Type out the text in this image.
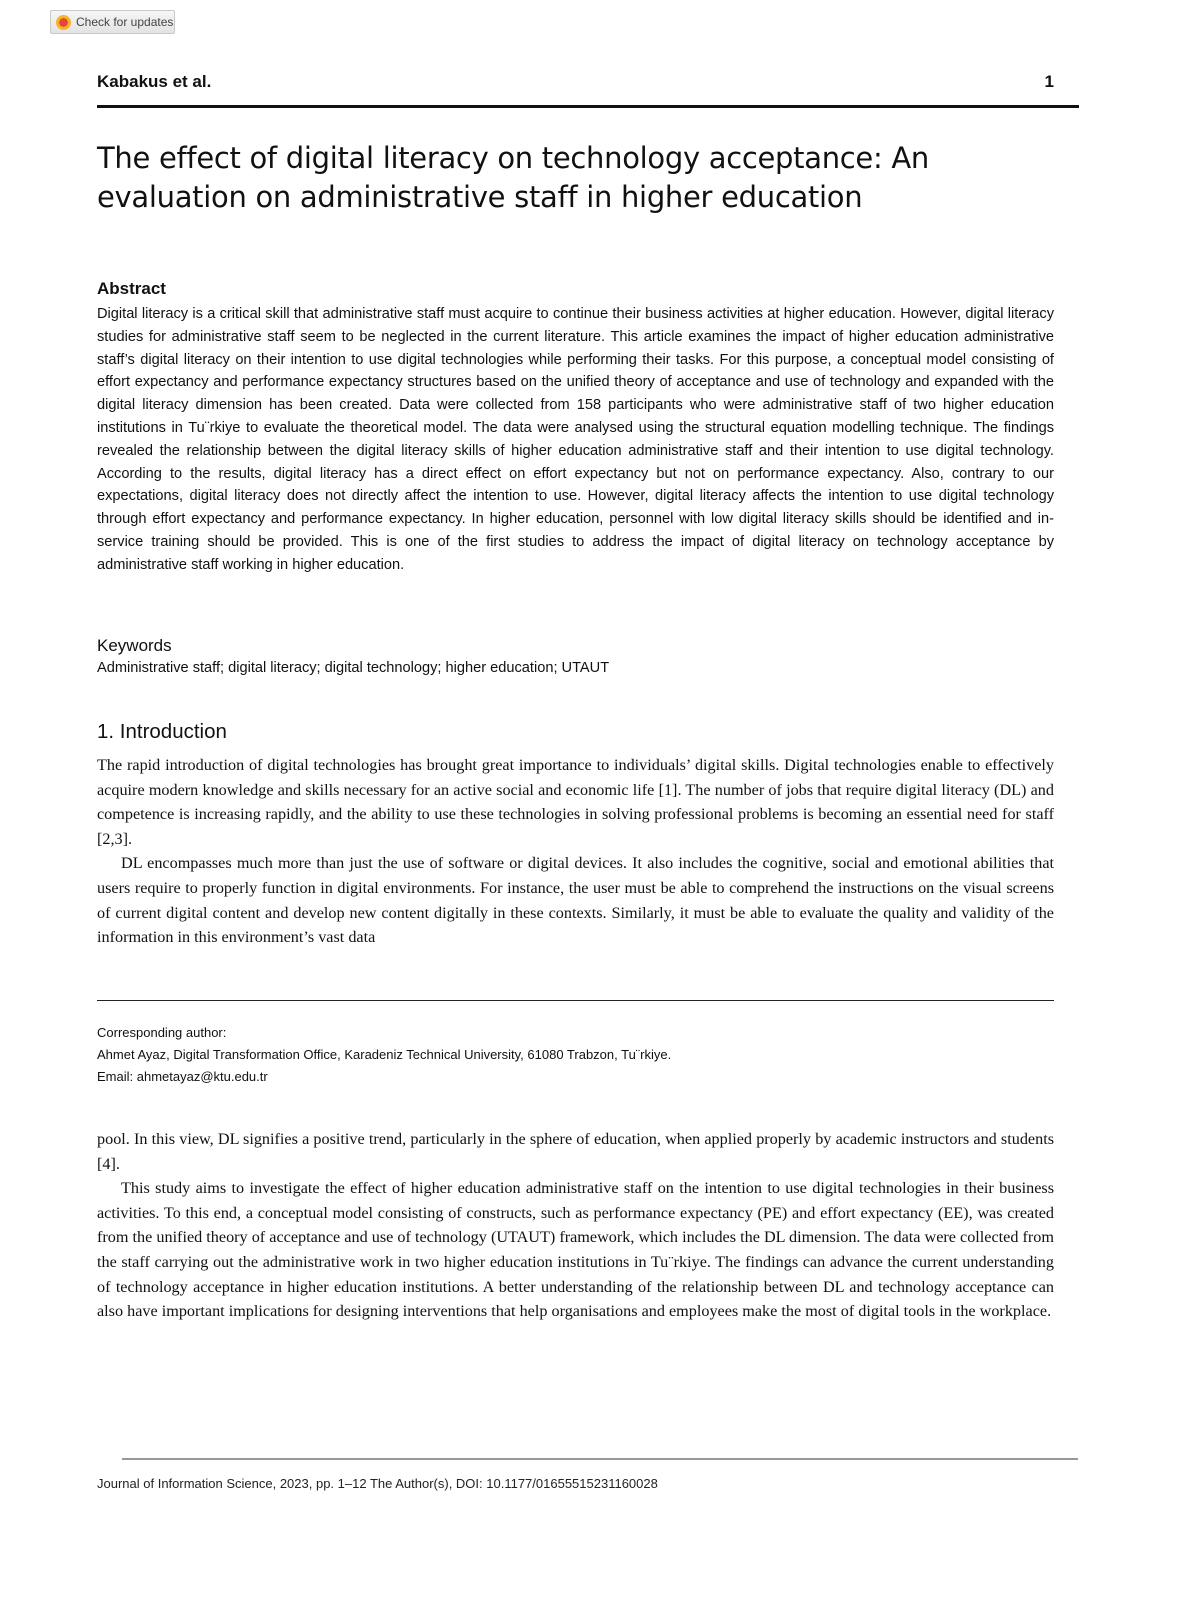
Check for updates
Kabakus et al.	1
The effect of digital literacy on technology acceptance: An evaluation on administrative staff in higher education
Abstract
Digital literacy is a critical skill that administrative staff must acquire to continue their business activities at higher education. However, digital literacy studies for administrative staff seem to be neglected in the current literature. This article examines the impact of higher education administrative staff’s digital literacy on their intention to use digital technologies while performing their tasks. For this purpose, a conceptual model consisting of effort expectancy and performance expectancy structures based on the unified theory of acceptance and use of technology and expanded with the digital literacy dimension has been created. Data were collected from 158 participants who were administrative staff of two higher education institutions in Tu¨rkiye to evaluate the theoretical model. The data were analysed using the structural equation modelling technique. The findings revealed the relationship between the digital literacy skills of higher education administrative staff and their intention to use digital technology. According to the results, digital literacy has a direct effect on effort expectancy but not on performance expectancy. Also, contrary to our expectations, digital literacy does not directly affect the intention to use. However, digital literacy affects the intention to use digital technology through effort expectancy and performance expectancy. In higher education, personnel with low digital literacy skills should be identified and in-service training should be provided. This is one of the first studies to address the impact of digital literacy on technology acceptance by administrative staff working in higher education.
Keywords
Administrative staff; digital literacy; digital technology; higher education; UTAUT
1. Introduction

The rapid introduction of digital technologies has brought great importance to individuals’ digital skills. Digital technologies enable to effectively acquire modern knowledge and skills necessary for an active social and economic life [1]. The number of jobs that require digital literacy (DL) and competence is increasing rapidly, and the ability to use these technologies in solving professional problems is becoming an essential need for staff [2,3].

DL encompasses much more than just the use of software or digital devices. It also includes the cognitive, social and emotional abilities that users require to properly function in digital environments. For instance, the user must be able to comprehend the instructions on the visual screens of current digital content and develop new content digitally in these contexts. Similarly, it must be able to evaluate the quality and validity of the information in this environment’s vast data

Corresponding author:
Ahmet Ayaz, Digital Transformation Office, Karadeniz Technical University, 61080 Trabzon, Tu¨rkiye.
Email: ahmetayaz@ktu.edu.tr

pool. In this view, DL signifies a positive trend, particularly in the sphere of education, when applied properly by academic instructors and students [4].

This study aims to investigate the effect of higher education administrative staff on the intention to use digital technologies in their business activities. To this end, a conceptual model consisting of constructs, such as performance expectancy (PE) and effort expectancy (EE), was created from the unified theory of acceptance and use of technology (UTAUT) framework, which includes the DL dimension. The data were collected from the staff carrying out the administrative work in two higher education institutions in Tu¨rkiye. The findings can advance the current understanding of technology acceptance in higher education institutions. A better understanding of the relationship between DL and technology acceptance can also have important implications for designing interventions that help organisations and employees make the most of digital tools in the workplace.

Journal of Information Science, 2023, pp. 1–12 The Author(s), DOI: 10.1177/01655515231160028
